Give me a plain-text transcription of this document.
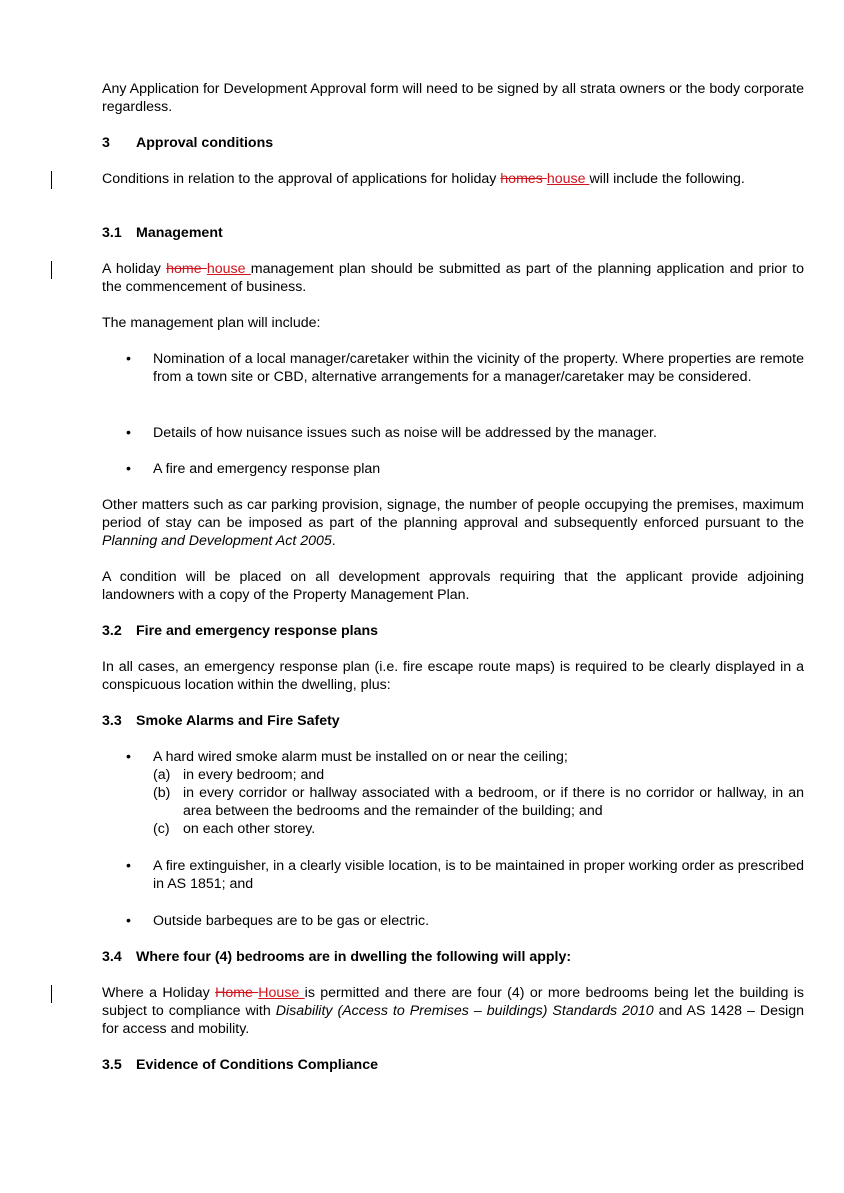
Any Application for Development Approval form will need to be signed by all strata owners or the body corporate regardless.

3 Approval conditions

Conditions in relation to the approval of applications for holiday homes house will include the following.

3.1 Management

A holiday home house management plan should be submitted as part of the planning application and prior to the commencement of business.

The management plan will include:

• Nomination of a local manager/caretaker within the vicinity of the property. Where properties are remote from a town site or CBD, alternative arrangements for a manager/caretaker may be considered.
• Details of how nuisance issues such as noise will be addressed by the manager.
• A fire and emergency response plan

Other matters such as car parking provision, signage, the number of people occupying the premises, maximum period of stay can be imposed as part of the planning approval and subsequently enforced pursuant to the Planning and Development Act 2005.

A condition will be placed on all development approvals requiring that the applicant provide adjoining landowners with a copy of the Property Management Plan.

3.2 Fire and emergency response plans

In all cases, an emergency response plan (i.e. fire escape route maps) is required to be clearly displayed in a conspicuous location within the dwelling, plus:

3.3 Smoke Alarms and Fire Safety
• A hard wired smoke alarm must be installed on or near the ceiling;
(a) in every bedroom; and
(b) in every corridor or hallway associated with a bedroom, or if there is no corridor or hallway, in an area between the bedrooms and the remainder of the building; and
(c) on each other storey.
• A fire extinguisher, in a clearly visible location, is to be maintained in proper working order as prescribed in AS 1851; and
• Outside barbeques are to be gas or electric.
3.4 Where four (4) bedrooms are in dwelling the following will apply:

Where a Holiday Home House is permitted and there are four (4) or more bedrooms being let the building is subject to compliance with Disability (Access to Premises – buildings) Standards 2010 and AS 1428 – Design for access and mobility.

3.5 Evidence of Conditions Compliance
